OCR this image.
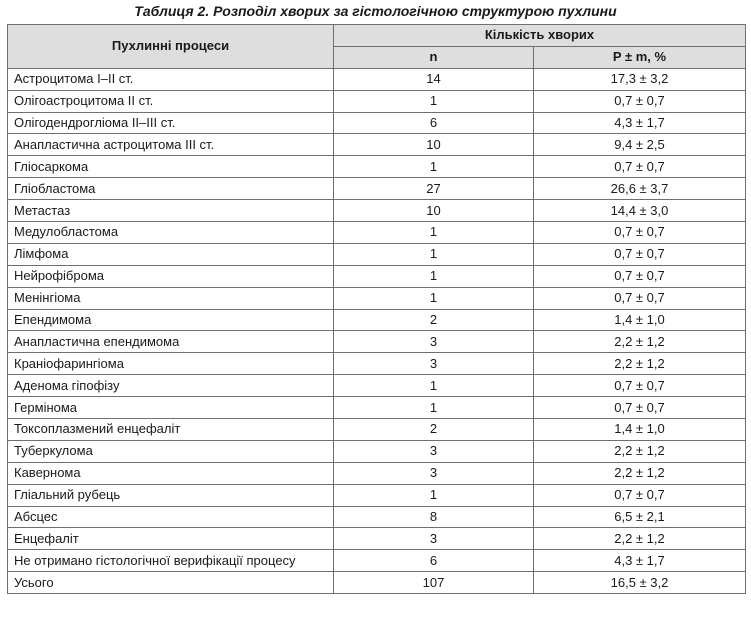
Таблиця 2. Розподіл хворих за гістологічною структурою пухлини
Пухлинні процеси	Кількість хворих	
	n	P ± m, %
Астроцитома I–II ст.	14	17,3 ± 3,2
Олігоастроцитома II ст.	1	0,7 ± 0,7
Олігодендрогліома II–III ст.	6	4,3 ± 1,7
Анапластична астроцитома III ст.	10	9,4 ± 2,5
Гліосаркома	1	0,7 ± 0,7
Гліобластома	27	26,6 ± 3,7
Метастаз	10	14,4 ± 3,0
Медулобластома	1	0,7 ± 0,7
Лімфома	1	0,7 ± 0,7
Нейрофіброма	1	0,7 ± 0,7
Менінгіома	1	0,7 ± 0,7
Епендимома	2	1,4 ± 1,0
Анапластична епендимома	3	2,2 ± 1,2
Краніофарингіома	3	2,2 ± 1,2
Аденома гіпофізу	1	0,7 ± 0,7
Гермінома	1	0,7 ± 0,7
Токсоплазмений енцефаліт	2	1,4 ± 1,0
Туберкулома	3	2,2 ± 1,2
Кавернома	3	2,2 ± 1,2
Гліальний рубець	1	0,7 ± 0,7
Абсцес	8	6,5 ± 2,1
Енцефаліт	3	2,2 ± 1,2
Не отримано гістологічної верифікації процесу	6	4,3 ± 1,7
Усього	107	16,5 ± 3,2
